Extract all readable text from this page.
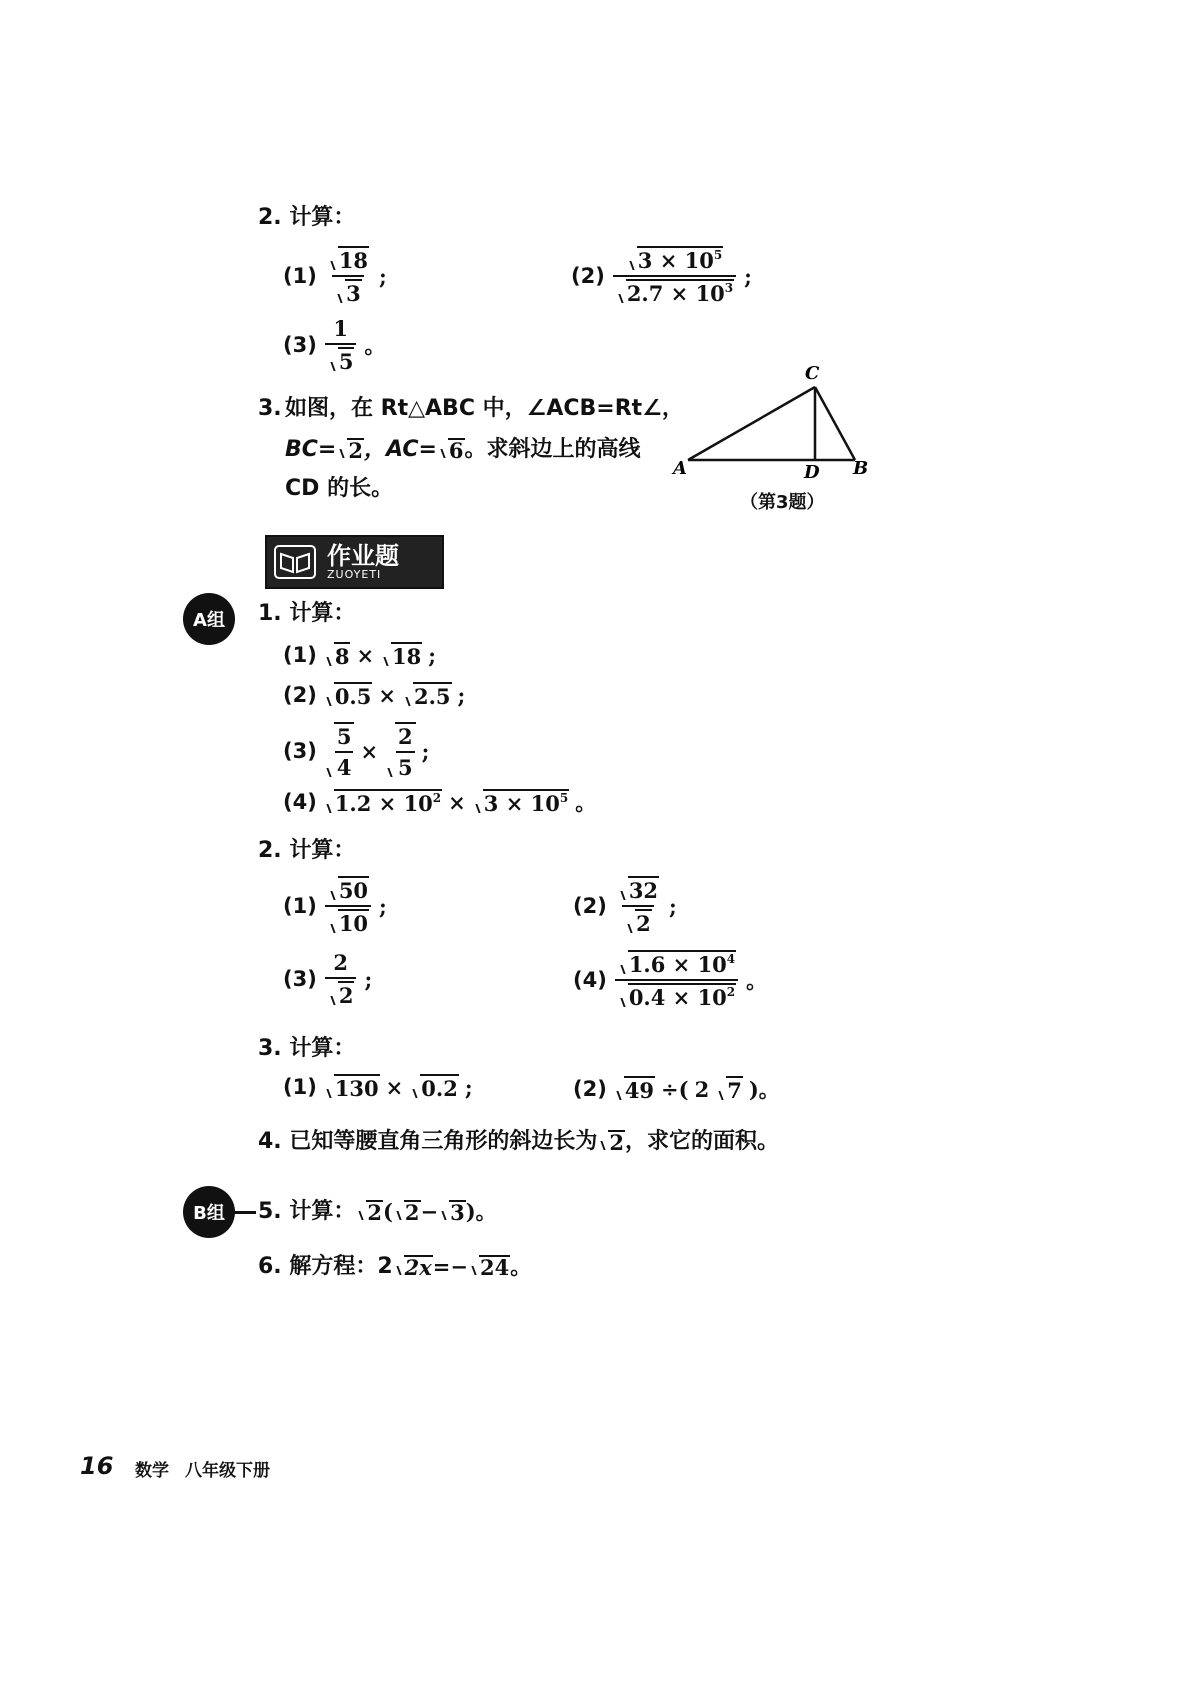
2. 计算：
$(1) \frac{18}{3}$ ;	$(2) \frac{3 \times 10^5}{2.7 \times 10^3}$ ;
$(3) \frac{1}{5}$ 。
3. 如图，在 Rt△ABC 中，∠ACB=Rt∠，
BC= 2 ，AC= 6 。求斜边上的高线
CD 的长。
A	B
C
D
（第3题）
作业题
ZUOYETI
A组	1. 计算：
(1) 8 × 18 ;
(2) 0.5 × 2.5 ;
$(3) \frac{5}{4} \times \frac{2}{5}$ ;
(4) $1.2 \times 10^2 \times 3 \times 10^5$ 。
2. 计算：
$(1) \frac{50}{10}$ ;	$(2) \frac{32}{2}$ ;
$(3) \frac{2}{2}$ ;	$(4) \frac{1.6 \times 10^4}{0.4 \times 10^2}$ 。
3. 计算：
(1) 130 × 0.2 ;	(2) 49 ÷( 2 7 )。
4. 已知等腰直角三角形的斜边长为 2 ，求它的面积。
B组	5. 计算： 2 ( 2 − 3 )。
6. 解方程：2 2x =− 24 。
16 数学 八年级下册
